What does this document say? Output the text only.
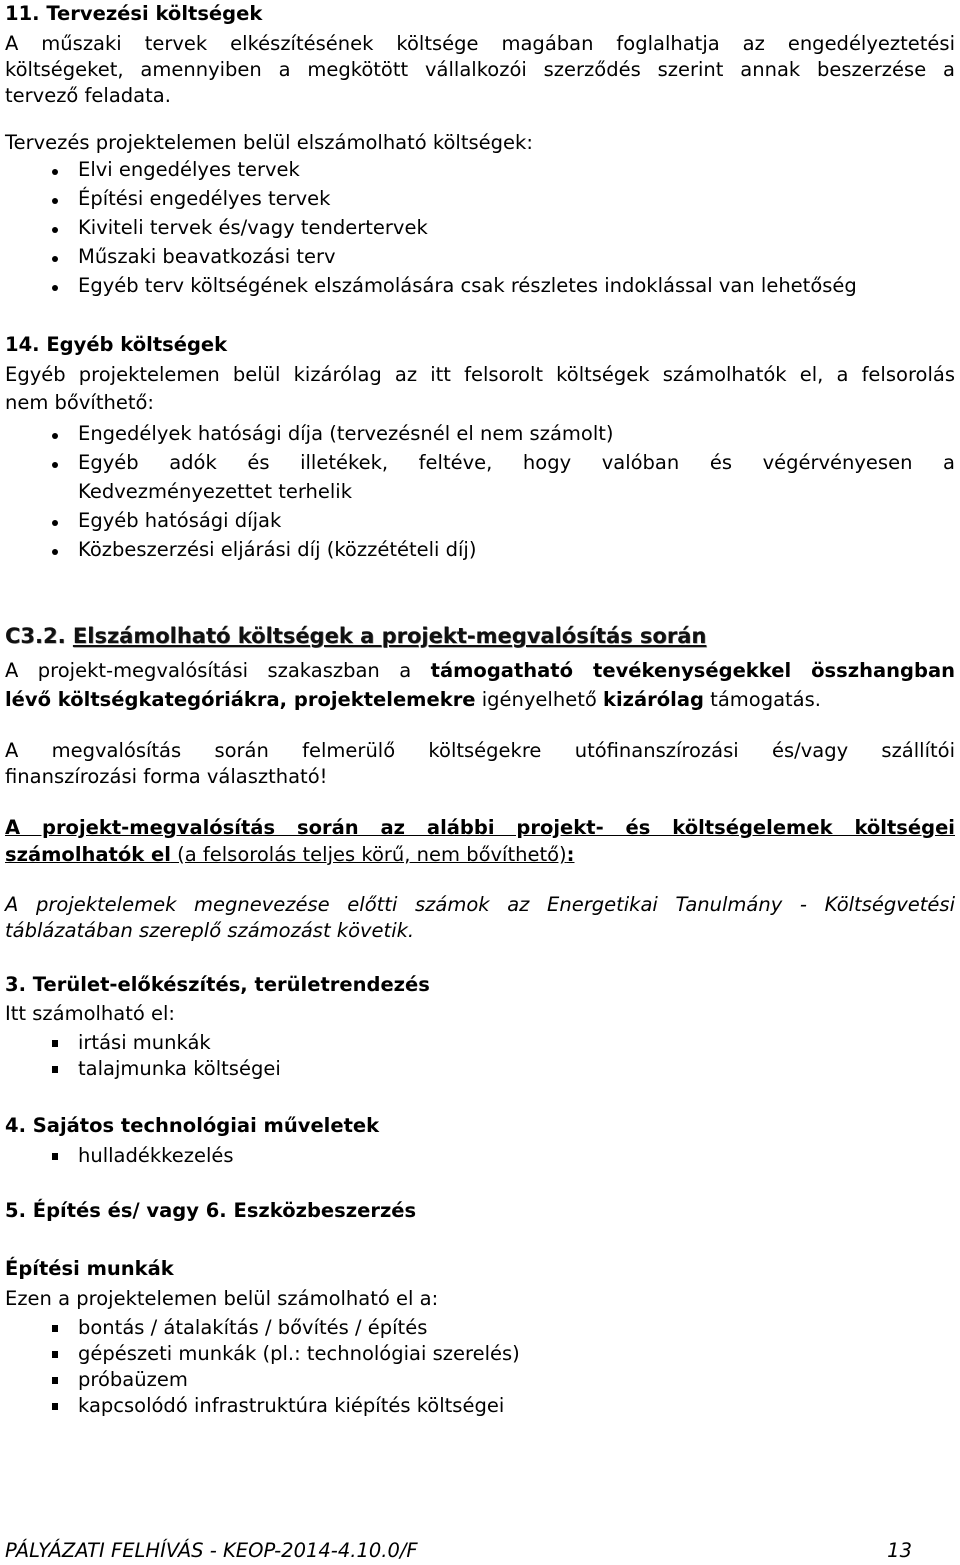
11. Tervezési költségek
A műszaki tervek elkészítésének költsége magában foglalhatja az engedélyeztetési
költségeket, amennyiben a megkötött vállalkozói szerződés szerint annak beszerzése a
tervező feladata.
Tervezés projektelemen belül elszámolható költségek:
Elvi engedélyes tervek
Építési engedélyes tervek
Kiviteli tervek és/vagy tendertervek
Műszaki beavatkozási terv
Egyéb terv költségének elszámolására csak részletes indoklással van lehetőség
14. Egyéb költségek
Egyéb projektelemen belül kizárólag az itt felsorolt költségek számolhatók el, a felsorolás
nem bővíthető:
Engedélyek hatósági díja (tervezésnél el nem számolt)
Egyéb adók és illetékek, feltéve, hogy valóban és végérvényesen a
Kedvezményezettet terhelik
Egyéb hatósági díjak
Közbeszerzési eljárási díj (közzétételi díj)
C3.2. Elszámolható költségek a projekt-megvalósítás során
A projekt-megvalósítási szakaszban a támogatható tevékenységekkel összhangban
lévő költségkategóriákra, projektelemekre igényelhető kizárólag támogatás.
A megvalósítás során felmerülő költségekre utófinanszírozási és/vagy szállítói
finanszírozási forma választható!
A projekt-megvalósítás során az alábbi projekt- és költségelemek költségei
számolhatók el (a felsorolás teljes körű, nem bővíthető):
A projektelemek megnevezése előtti számok az Energetikai Tanulmány - Költségvetési
táblázatában szereplő számozást követik.
3. Terület-előkészítés, területrendezés
Itt számolható el:
irtási munkák
talajmunka költségei
4. Sajátos technológiai műveletek
hulladékkezelés
5. Építés és/ vagy 6. Eszközbeszerzés
Építési munkák
Ezen a projektelemen belül számolható el a:
bontás / átalakítás / bővítés / építés
gépészeti munkák (pl.: technológiai szerelés)
próbaüzem
kapcsolódó infrastruktúra kiépítés költségei
PÁLYÁZATI FELHÍVÁS - KEOP-2014-4.10.0/F	13
